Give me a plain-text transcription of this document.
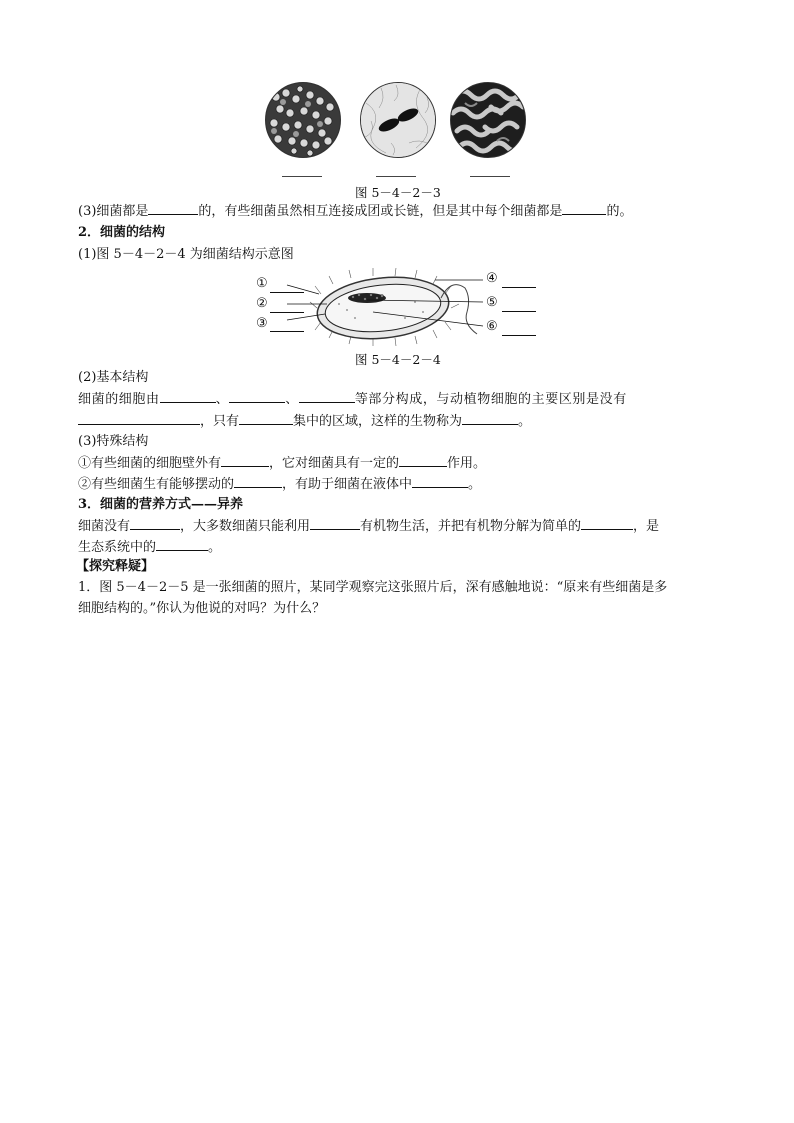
图 5－4－2－3
(3)细菌都是	的，有些细菌虽然相互连接成团或长链，但是其中每个细菌都是	的。
2．细菌的结构
(1)图 5－4－2－4 为细菌结构示意图
①
②
③
④
⑤
⑥
图 5－4－2－4
(2)基本结构
细菌的细胞由	、	、	等部分构成，与动植物细胞的主要区别是没有
，只有	集中的区域，这样的生物称为	。
(3)特殊结构
①有些细菌的细胞壁外有	，它对细菌具有一定的	作用。
②有些细菌生有能够摆动的	，有助于细菌在液体中	。
3．细菌的营养方式——异养
细菌没有	，大多数细菌只能利用	有机物生活，并把有机物分解为简单的	，是
生态系统中的	。
【探究释疑】
1．图 5－4－2－5 是一张细菌的照片，某同学观察完这张照片后，深有感触地说：“原来有些细菌是多
细胞结构的。”你认为他说的对吗？为什么？
